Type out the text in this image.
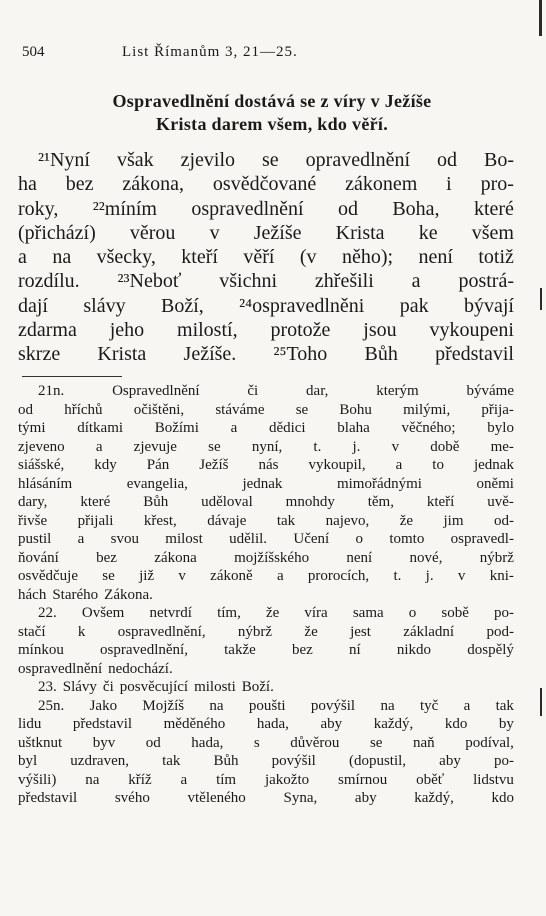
504	List Římanům 3, 21—25.
Ospravedlnění dostává se z víry v Ježíše
Krista darem všem, kdo věří.
²¹Nyní však zjevilo se opravedlnění od Bo-
ha bez zákona, osvědčované zákonem i pro-
roky, ²²míním ospravedlnění od Boha, které
(přichází) věrou v Ježíše Krista ke všem
a na všecky, kteří věří (v něho); není totiž
rozdílu. ²³Neboť všichni zhřešili a postrá-
dají slávy Boží, ²⁴ospravedlněni pak bývají
zdarma jeho milostí, protože jsou vykoupeni
skrze Krista Ježíše. ²⁵Toho Bůh představil
21n.	Ospravedlnění	či	dar,	kterým	býváme
od hříchů očištěni, stáváme se Bohu milými, přija-
tými dítkami Božími a dědici blaha věčného; bylo
zjeveno a zjevuje se nyní, t. j. v době me-
siášské, kdy Pán Ježíš nás vykoupil, a to jednak
hlásáním	evangelia,	jednak	mimořádnými	oněmi
dary, které Bůh uděloval mnohdy těm, kteří uvě-
řivše přijali křest, dávaje tak najevo, že jim od-
pustil a svou milost udělil. Učení o tomto ospravedl-
ňování bez zákona mojžíšského není nové, nýbrž
osvědčuje se již v zákoně a prorocích, t. j. v kni-
hách Starého Zákona.
22. Ovšem netvrdí tím, že víra sama o sobě po-
stačí k ospravedlnění, nýbrž že jest základní pod-
mínkou ospravedlnění, takže bez ní nikdo dospělý
ospravedlnění nedochází.
23. Slávy či posvěcující milosti Boží.
25n. Jako Mojžíš na poušti povýšil na tyč a tak
lidu představil měděného hada, aby každý, kdo by
uštknut byv od hada, s důvěrou se naň podíval,
byl uzdraven, tak Bůh povýšil (dopustil, aby po-
výšili) na kříž a tím jakožto smírnou oběť lidstvu
představil	svého	vtěleného	Syna,	aby	každý,	kdo
